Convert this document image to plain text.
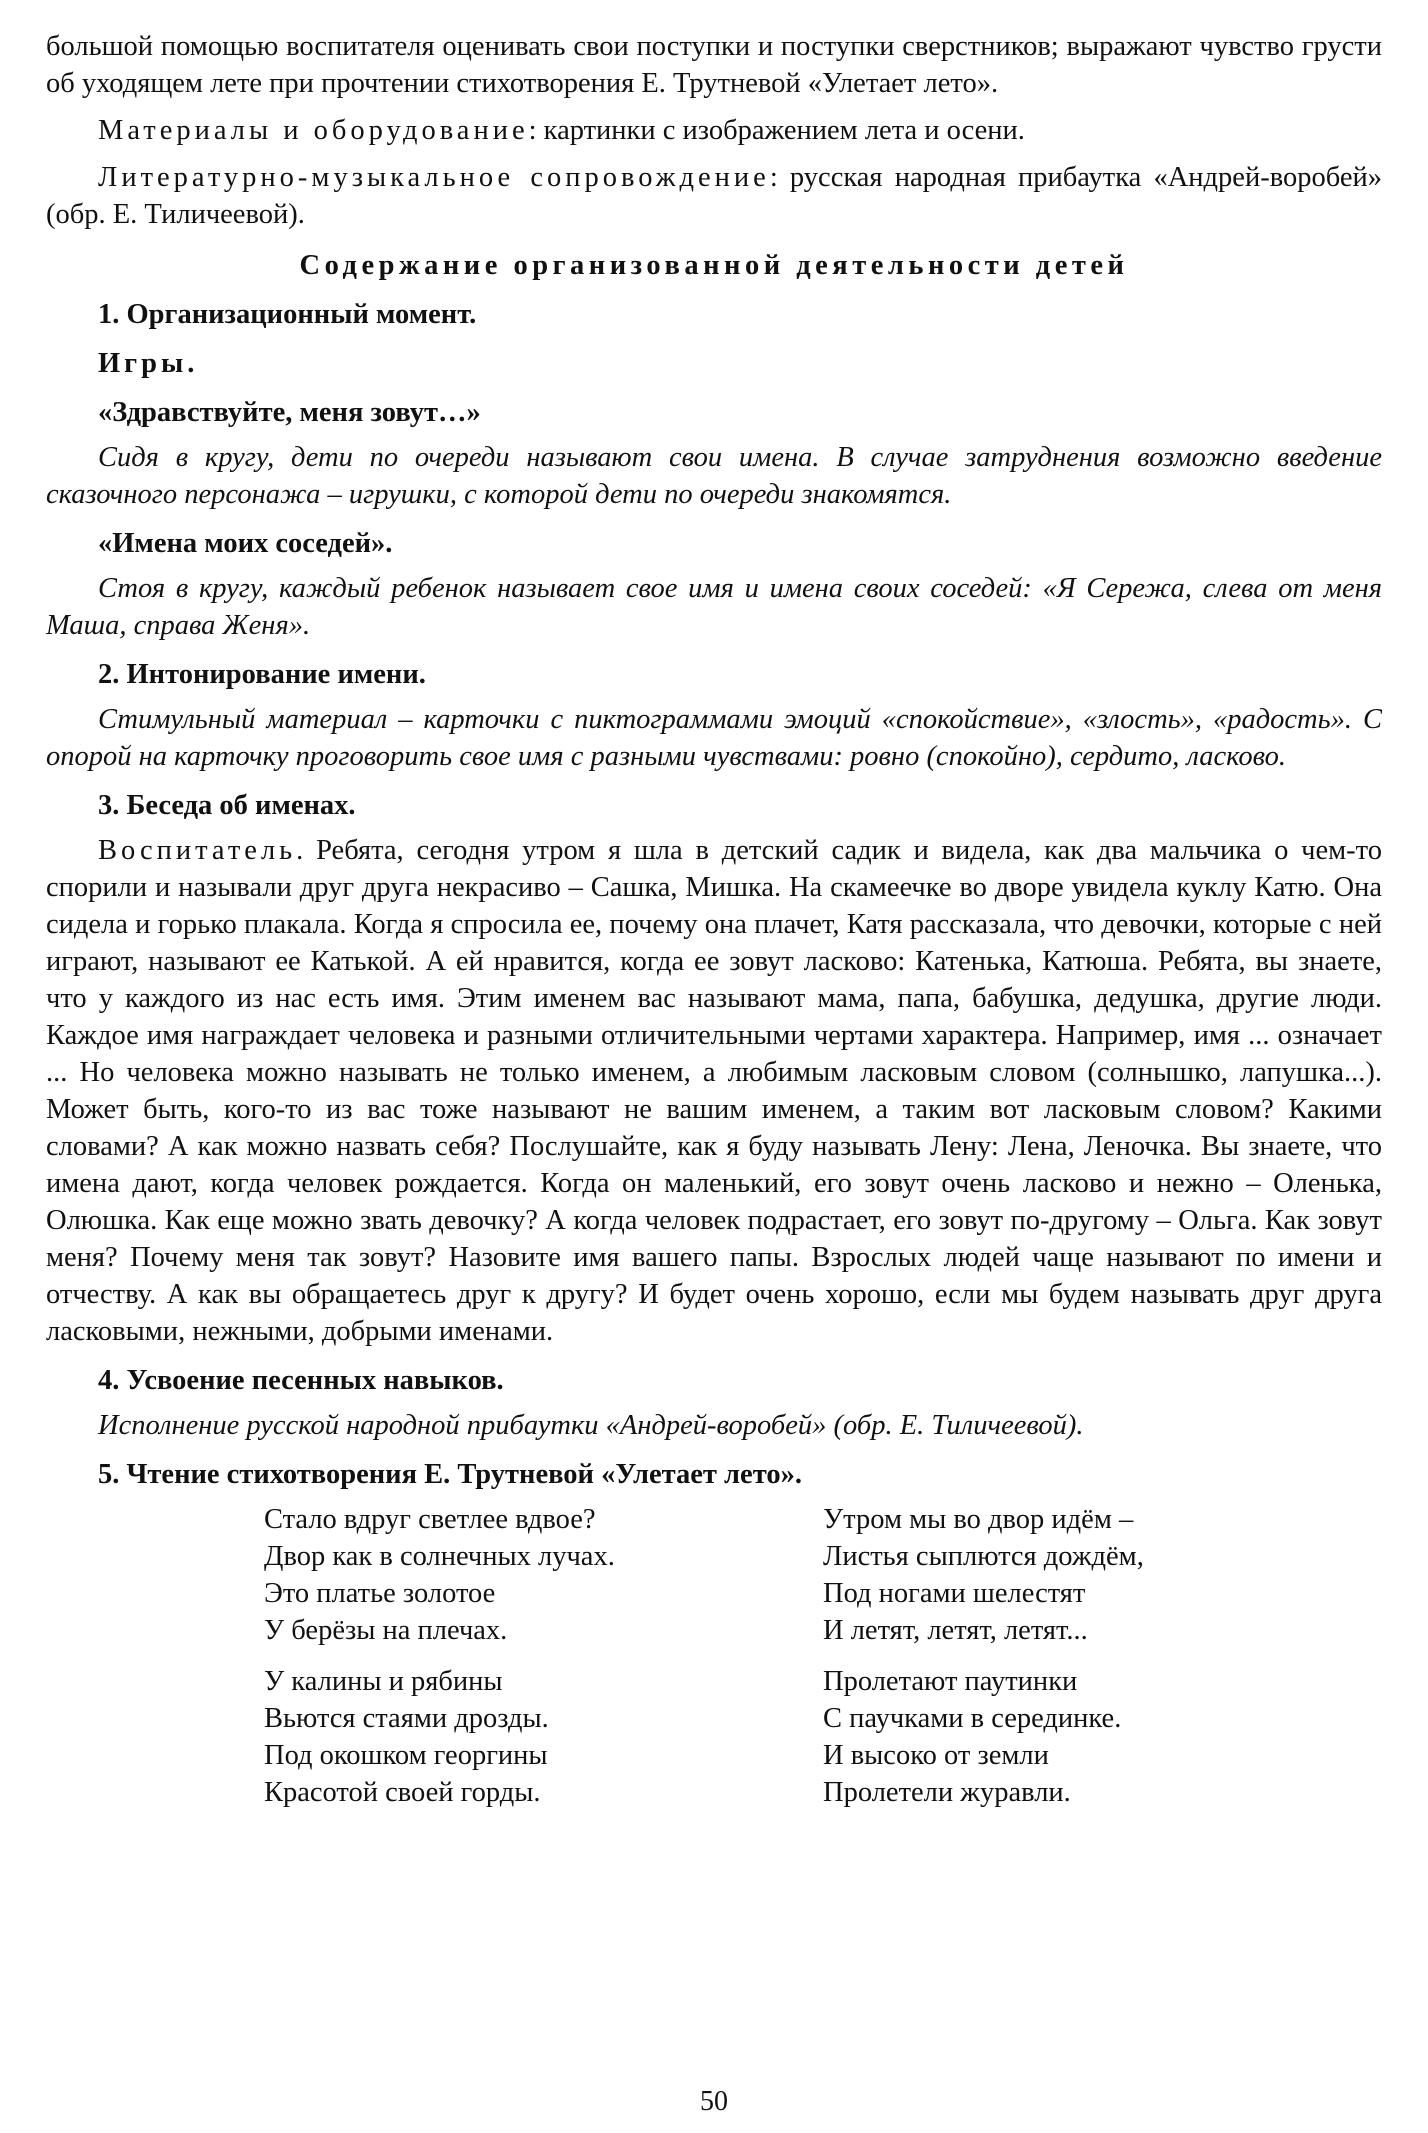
большой помощью воспитателя оценивать свои поступки и поступки сверстников; выражают чувство грусти об уходящем лете при прочтении стихотворения Е. Трутневой «Улетает лето».

Материалы и оборудование: картинки с изображением лета и осени.

Литературно-музыкальное сопровождение: русская народная прибаутка «Андрей-воробей» (обр. Е. Тиличеевой).

Содержание организованной деятельности детей

1. Организационный момент.

Игры.

«Здравствуйте, меня зовут…»

Сидя в кругу, дети по очереди называют свои имена. В случае затруднения возможно введение сказочного персонажа – игрушки, с которой дети по очереди знакомятся.

«Имена моих соседей».

Стоя в кругу, каждый ребенок называет свое имя и имена своих соседей: «Я Сережа, слева от меня Маша, справа Женя».

2. Интонирование имени.

Стимульный материал – карточки с пиктограммами эмоций «спокойствие», «злость», «радость». С опорой на карточку проговорить свое имя с разными чувствами: ровно (спокойно), сердито, ласково.

3. Беседа об именах.

Воспитатель. Ребята, сегодня утром я шла в детский садик и видела, как два мальчика о чем-то спорили и называли друг друга некрасиво – Сашка, Мишка. На скамеечке во дворе увидела куклу Катю. Она сидела и горько плакала. Когда я спросила ее, почему она плачет, Катя рассказала, что девочки, которые с ней играют, называют ее Катькой. А ей нравится, когда ее зовут ласково: Катенька, Катюша. Ребята, вы знаете, что у каждого из нас есть имя. Этим именем вас называют мама, папа, бабушка, дедушка, другие люди. Каждое имя награждает человека и разными отличительными чертами характера. Например, имя ... означает ... Но человека можно называть не только именем, а любимым ласковым словом (солнышко, лапушка...). Может быть, кого-то из вас тоже называют не вашим именем, а таким вот ласковым словом? Какими словами? А как можно назвать себя? Послушайте, как я буду называть Лену: Лена, Леночка. Вы знаете, что имена дают, когда человек рождается. Когда он маленький, его зовут очень ласково и нежно – Оленька, Олюшка. Как еще можно звать девочку? А когда человек подрастает, его зовут по-другому – Ольга. Как зовут меня? Почему меня так зовут? Назовите имя вашего папы. Взрослых людей чаще называют по имени и отчеству. А как вы обращаетесь друг к другу? И будет очень хорошо, если мы будем называть друг друга ласковыми, нежными, добрыми именами.

4. Усвоение песенных навыков.

Исполнение русской народной прибаутки «Андрей-воробей» (обр. Е. Тиличеевой).

5. Чтение стихотворения Е. Трутневой «Улетает лето».

Стало вдруг светлее вдвое?
Двор как в солнечных лучах.
Это платье золотое
У берёзы на плечах.
У калины и рябины
Вьются стаями дрозды.
Под окошком георгины
Красотой своей горды.
Утром мы во двор идём –
Листья сыплются дождём,
Под ногами шелестят
И летят, летят, летят...
Пролетают паутинки
С паучками в серединке.
И высоко от земли
Пролетели журавли.
50
